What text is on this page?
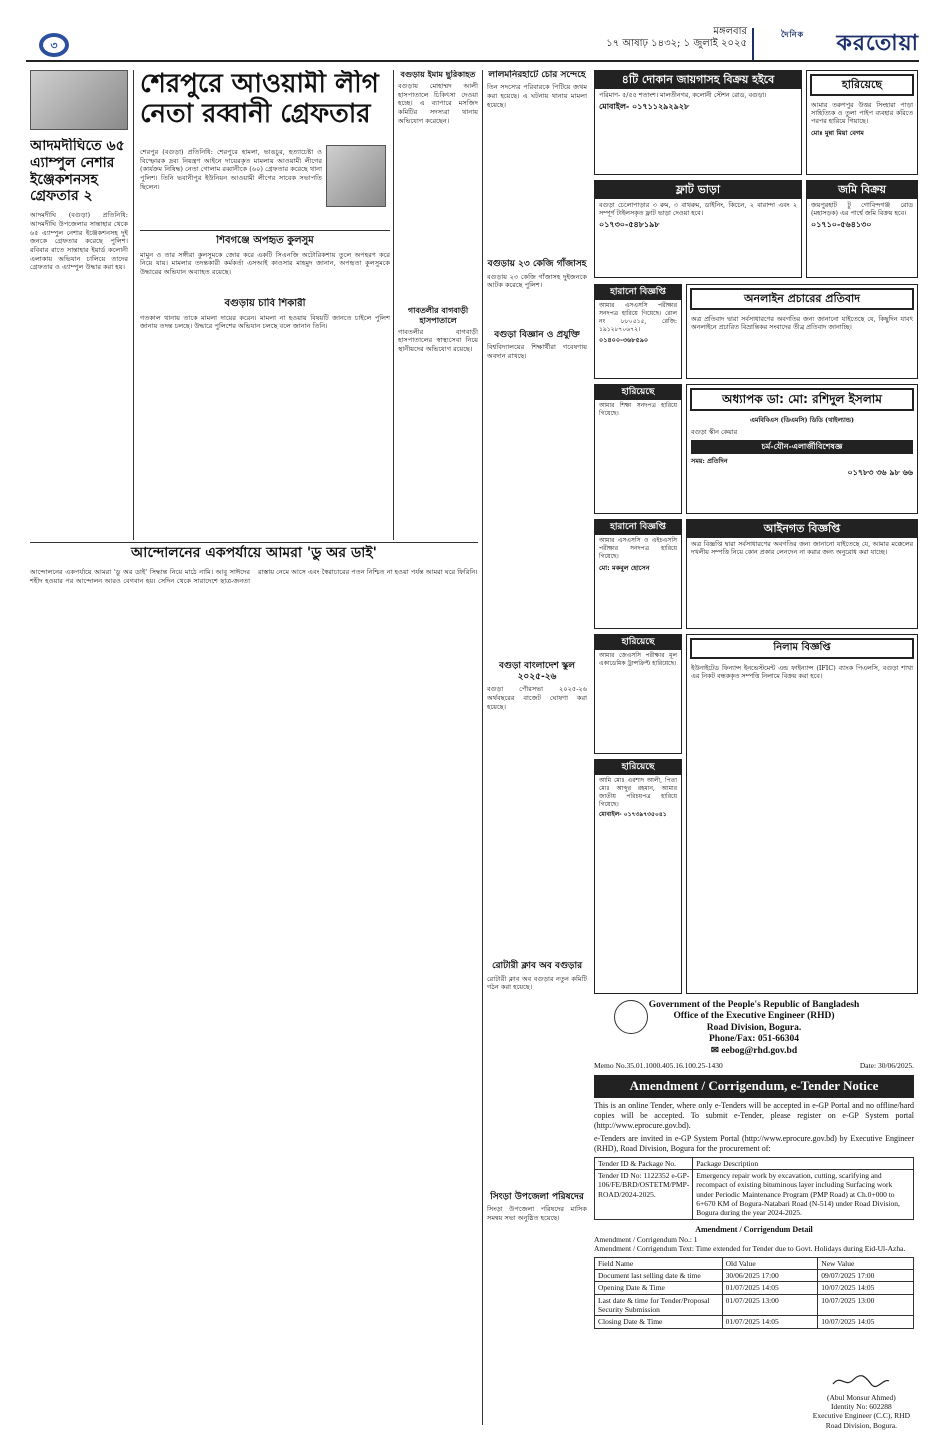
৩
মঙ্গলবার
১৭ আষাঢ় ১৪৩২; ১ জুলাই ২০২৫
দৈনিক করতোয়া
আদমদীঘিতে ৬৫ এ্যাম্পুল নেশার ইঞ্জেকশনসহ গ্রেফতার ২

আদমদীঘি (বগুড়া) প্রতিনিধি: আদমদীঘি উপজেলার সান্তাহার থেকে ৬৫ এ্যাম্পুল নেশার ইঞ্জেকশনসহ দুই জনকে গ্রেফতার করেছে পুলিশ। রবিবার রাতে সান্তাহার ইয়ার্ড কলোনী এলাকায় অভিযান চালিয়ে তাদের গ্রেফতার ও এ্যাম্পুল উদ্ধার করা হয়।

শেরপুরে আওয়ামী লীগ নেতা রব্বানী গ্রেফতার

শেরপুর (বগুড়া) প্রতিনিধি: শেরপুরে হামলা, ভাঙচুর, হত্যাচেষ্টা ও বিস্ফোরক দ্রব্য নিয়ন্ত্রণ আইনে দায়েরকৃত মামলায় আওয়ামী লীগের (কার্যক্রম নিষিদ্ধ) নেতা গোলাম রব্বানীকে (৬০) গ্রেফতার করেছে থানা পুলিশ। তিনি ভবানীপুর ইউনিয়ন আওয়ামী লীগের সাবেক সভাপতি ছিলেন।

শিবগঞ্জে অপহৃত কুলসুম

মামুন ও তার সঙ্গীরা কুলসুমকে জোর করে একটি সিএনজি অটোরিকশায় তুলে অপহরণ করে নিয়ে যায়। মামলার তদন্তকারী কর্মকর্তা এসআই কাওসার মাহমুদ জানান, অপহৃতা কুলসুমকে উদ্ধারের অভিযান অব্যাহত রয়েছে।

বগুড়ায় চাবি শিকারী

গতকাল থানায় তাকে মামলা দায়ের করেন। মামলা না হওয়ায় বিষয়টি জানতে চাইলে পুলিশ জানায় তদন্ত চলছে। উদ্ধারে পুলিশের অভিযান চলছে বলে জানান তিনি।

আন্দোলনের একপর্যায়ে আমরা 'ডু অর ডাই'

আন্দোলনের একপর্যায়ে আমরা 'ডু অর ডাই' সিদ্ধান্ত নিয়ে মাঠে নামি। আবু সাঈদের শহীদ হওয়ার পর আন্দোলন আরও বেগবান হয়। সেদিন থেকে সারাদেশে ছাত্র-জনতা রাস্তায় নেমে আসে এবং স্বৈরাচারের পতন নিশ্চিত না হওয়া পর্যন্ত আমরা ঘরে ফিরিনি।

বগুড়ায় ইমাম ছুরিকাহত

বগুড়ায় মোহাম্মদ আলী হাসপাতালে চিকিৎসা দেওয়া হচ্ছে। এ ব্যাপারে মসজিদ কমিটির সদস্যরা থানায় অভিযোগ করেছেন।

গাবতলীর বাগবাড়ী হাসপাতালে

গাবতলীর বাগবাড়ী হাসপাতালের স্বাস্থ্যসেবা নিয়ে স্থানীয়দের অভিযোগ রয়েছে।

লালমনিরহাটে চোর সন্দেহে

তিন সদস্যের পরিবারকে পিটিয়ে জখম করা হয়েছে। এ ঘটনায় থানায় মামলা হয়েছে।

বগুড়ায় ২৩ কেজি গাঁজাসহ

বগুড়ায় ২৩ কেজি গাঁজাসহ দুইজনকে আটক করেছে পুলিশ।

বগুড়া বিজ্ঞান ও প্রযুক্তি

বিশ্ববিদ্যালয়ের শিক্ষার্থীরা গবেষণায় অবদান রাখছে।

বগুড়া বাংলাদেশ স্কুল ২০২৫-২৬

বগুড়া পৌরসভা ২০২৫-২৬ অর্থবছরের বাজেট ঘোষণা করা হয়েছে।

রোটারী ক্লাব অব বগুড়ার

রোটারী ক্লাব অব বগুড়ার নতুন কমিটি গঠন করা হয়েছে।

সিংড়া উপজেলা পরিষদের

সিংড়া উপজেলা পরিষদের মাসিক সমন্বয় সভা অনুষ্ঠিত হয়েছে।

৪টি দোকান জায়গাসহ বিক্রয় হইবে
পরিমাণ- ৫/৫৫ শতাংশ। মালতীনগর, কলোনী স্টেশন রোড, বগুড়া।
মোবাইল- ০১৭১১২৯২৯২৮
হারিয়েছে
আমার তরুণপুর উত্তর সিংহারা পাড়া সাহিত্যিক ও তুলা পাইপ ব্যবহার করিতে পরপর হারিয়ে গিয়াছে।
মোঃ মুন্না মিয়া বেগম
ফ্লাট ভাড়া
বগুড়া চেলোপাড়ার ৩ রুম, ৩ বাথরুম, ডাইনিং, কিচেন, ২ বারান্দা এবং ২ সম্পূর্ণ টাইলসকৃত ফ্লাট ভাড়া দেওয়া হবে।
০১৭৩০-৫৪৮১৯৮
জমি বিক্রয়
জয়পুরহাট টু গোবিন্দগঞ্জ রোড (মহাসড়ক) এর পার্শ্বে জমি বিক্রয় হবে।
০১৭১০-৫৬৪১৩০
হারানো বিজ্ঞপ্তি
আমার এসএসসি পরীক্ষার সনদপত্র হারিয়ে গিয়েছে। রোল নং ৮৮০৫১৫, রেজি: ১৯১২৮৭০৬৭২।
০১৪০০-৩৬৮৫৯০
অনলাইন প্রচারের প্রতিবাদ
অত্র প্রতিবাদ দ্বারা সর্বসাধারণের অবগতির জন্য জানানো যাইতেছে যে, কিছুদিন যাবৎ অনলাইনে প্রচারিত বিভ্রান্তিকর সংবাদের তীব্র প্রতিবাদ জানাচ্ছি।
হারিয়েছে
আমার শিক্ষা সনদপত্র হারিয়ে গিয়েছে।
অধ্যাপক ডা: মো: রশিদুল ইসলাম
এমবিবিএস (ডিএমসি) ডিডি (থাইল্যান্ড)
বগুড়া স্কীন কেয়ার
চর্ম-যৌন-এলার্জীবিশেষজ্ঞ
সময়: প্রতিদিন
০১৭৮৩ ৩৬ ৯৮ ৬৬
হারানো বিজ্ঞপ্তি
আমার এসএসসি ও এইচএসসি পরীক্ষার সনদপত্র হারিয়ে গিয়েছে।
মো: মকবুল হোসেন
আইনগত বিজ্ঞপ্তি
অত্র বিজ্ঞপ্তি দ্বারা সর্বসাধারণের অবগতির জন্য জানানো যাইতেছে যে, আমার মক্কেলের দখলীয় সম্পত্তি নিয়ে কোন প্রকার লেনদেন না করার জন্য অনুরোধ করা যাচ্ছে।
হারিয়েছে
আমার জেএসসি পরীক্ষার মূল একাডেমিক ট্রান্সক্রিপ্ট হারিয়েছে।
নিলাম বিজ্ঞপ্তি
ইউনাইটেড ফিন্যান্স ইনভেস্টমেন্ট এন্ড ফাইন্যান্স (IFIC) ব্যাংক পিএলসি, বগুড়া শাখা এর নিকট বন্ধককৃত সম্পত্তি নিলামে বিক্রয় করা হবে।
হারিয়েছে
আমি মোঃ এরশাদ আলী, পিতা মোঃ আব্দুর রহমান, আমার জাতীয় পরিচয়পত্র হারিয়ে গিয়েছে।
মোবাইল- ০১৭৩৯৭৩৫০৪১
Government of the People's Republic of Bangladesh
Office of the Executive Engineer (RHD)
Road Division, Bogura.
Phone/Fax: 051-66304
✉ eebog@rhd.gov.bd
Memo No.35.01.1000.405.16.100.25-1430	Date: 30/06/2025.
Amendment / Corrigendum, e-Tender Notice
This is an online Tender, where only e-Tenders will be accepted in e-GP Portal and no offline/hard copies will be accepted. To submit e-Tender, please register on e-GP System portal (http://www.eprocure.gov.bd).
e-Tenders are invited in e-GP System Portal (http://www.eprocure.gov.bd) by Executive Engineer (RHD), Road Division, Bogura for the procurement of:
Tender ID & Package No.	Package Description
Tender ID No: 1122352 e-GP-106/FE/BRD/OSTETM/PMP-ROAD/2024-2025.	Emergency repair work by excavation, cutting, scarifying and recompact of existing bituminous layer including Surfacing work under Periodic Maintenance Program (PMP Road) at Ch.0+000 to 6+670 KM of Bogura-Natabari Road (N-514) under Road Division, Bogura during the year 2024-2025.
Amendment / Corrigendum Detail
Amendment / Corrigendum No.: 1
Amendment / Corrigendum Text: Time extended for Tender due to Govt. Holidays during Eid-Ul-Azha.
Field Name	Old Value	New Value
Document last selling date & time	30/06/2025 17:00	09/07/2025 17:00
Opening Date & Time	01/07/2025 14:05	10/07/2025 14:05
Last date & time for Tender/Proposal Security Submission	01/07/2025 13:00	10/07/2025 13:00
Closing Date & Time	01/07/2025 14:05	10/07/2025 14:05
(Abul Monsur Ahmed)
Identity No: 602288
Executive Engineer (C.C), RHD
Road Division, Bogura.
